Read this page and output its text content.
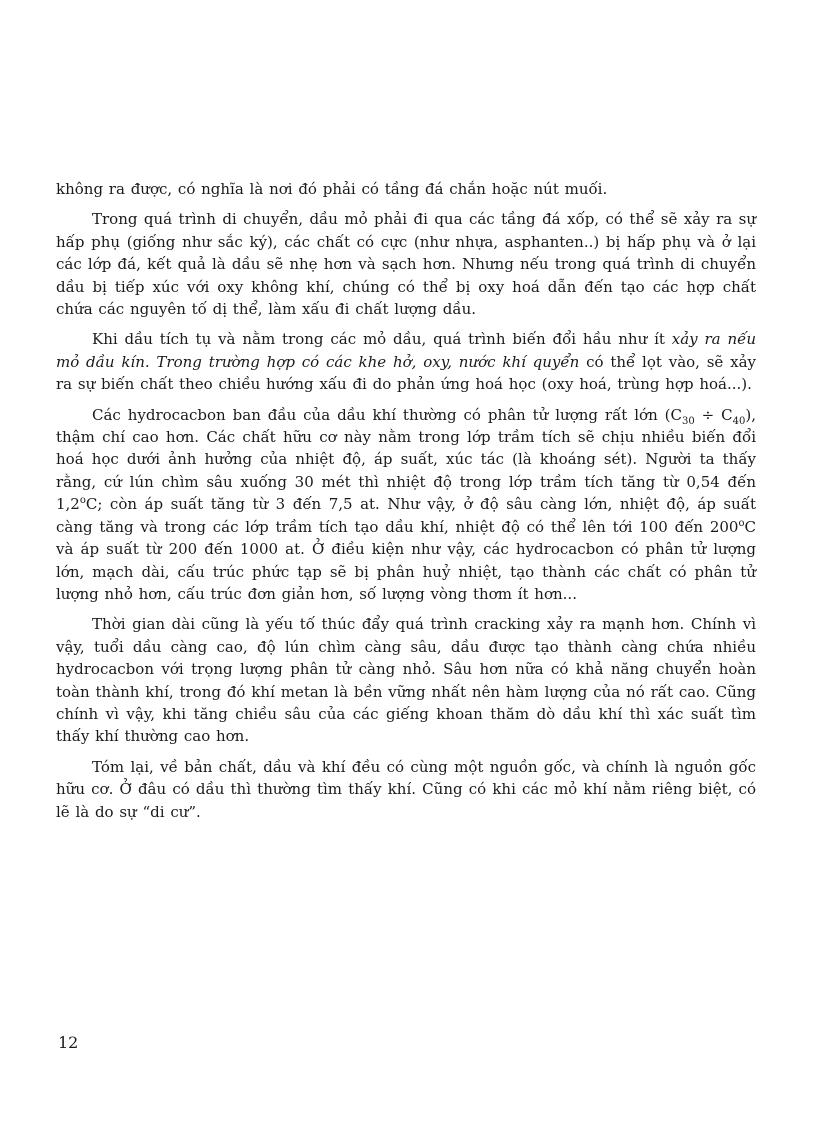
không ra được, có nghĩa là nơi đó phải có tầng đá chắn hoặc nút muối.

Trong quá trình di chuyển, dầu mỏ phải đi qua các tầng đá xốp, có thể sẽ xảy ra sự hấp phụ (giống như sắc ký), các chất có cực (như nhựa, asphanten..) bị hấp phụ và ở lại các lớp đá, kết quả là dầu sẽ nhẹ hơn và sạch hơn. Nhưng nếu trong quá trình di chuyển dầu bị tiếp xúc với oxy không khí, chúng có thể bị oxy hoá dẫn đến tạo các hợp chất chứa các nguyên tố dị thể, làm xấu đi chất lượng dầu.

Khi dầu tích tụ và nằm trong các mỏ dầu, quá trình biến đổi hầu như ít xảy ra nếu mỏ dầu kín. Trong trường hợp có các khe hở, oxy, nước khí quyển có thể lọt vào, sẽ xảy ra sự biến chất theo chiều hướng xấu đi do phản ứng hoá học (oxy hoá, trùng hợp hoá...).

Các hydrocacbon ban đầu của dầu khí thường có phân tử lượng rất lớn $(C_{30} \div C_{40})$, thậm chí cao hơn. Các chất hữu cơ này nằm trong lớp trầm tích sẽ chịu nhiều biến đổi hoá học dưới ảnh hưởng của nhiệt độ, áp suất, xúc tác (là khoáng sét). Người ta thấy rằng, cứ lún chìm sâu xuống 30 mét thì nhiệt độ trong lớp trầm tích tăng từ 0,54 đến 1,2$^o$C; còn áp suất tăng từ 3 đến 7,5 at. Như vậy, ở độ sâu càng lớn, nhiệt độ, áp suất càng tăng và trong các lớp trầm tích tạo dầu khí, nhiệt độ có thể lên tới 100 đến 200$^o$C và áp suất từ 200 đến 1000 at. Ở điều kiện như vậy, các hydrocacbon có phân tử lượng lớn, mạch dài, cấu trúc phức tạp sẽ bị phân huỷ nhiệt, tạo thành các chất có phân tử lượng nhỏ hơn, cấu trúc đơn giản hơn, số lượng vòng thơm ít hơn...

Thời gian dài cũng là yếu tố thúc đẩy quá trình cracking xảy ra mạnh hơn. Chính vì vậy, tuổi dầu càng cao, độ lún chìm càng sâu, dầu được tạo thành càng chứa nhiều hydrocacbon với trọng lượng phân tử càng nhỏ. Sâu hơn nữa có khả năng chuyển hoàn toàn thành khí, trong đó khí metan là bền vững nhất nên hàm lượng của nó rất cao. Cũng chính vì vậy, khi tăng chiều sâu của các giếng khoan thăm dò dầu khí thì xác suất tìm thấy khí thường cao hơn.

Tóm lại, về bản chất, dầu và khí đều có cùng một nguồn gốc, và chính là nguồn gốc hữu cơ. Ở đâu có dầu thì thường tìm thấy khí. Cũng có khi các mỏ khí nằm riêng biệt, có lẽ là do sự “di cư”.

12
